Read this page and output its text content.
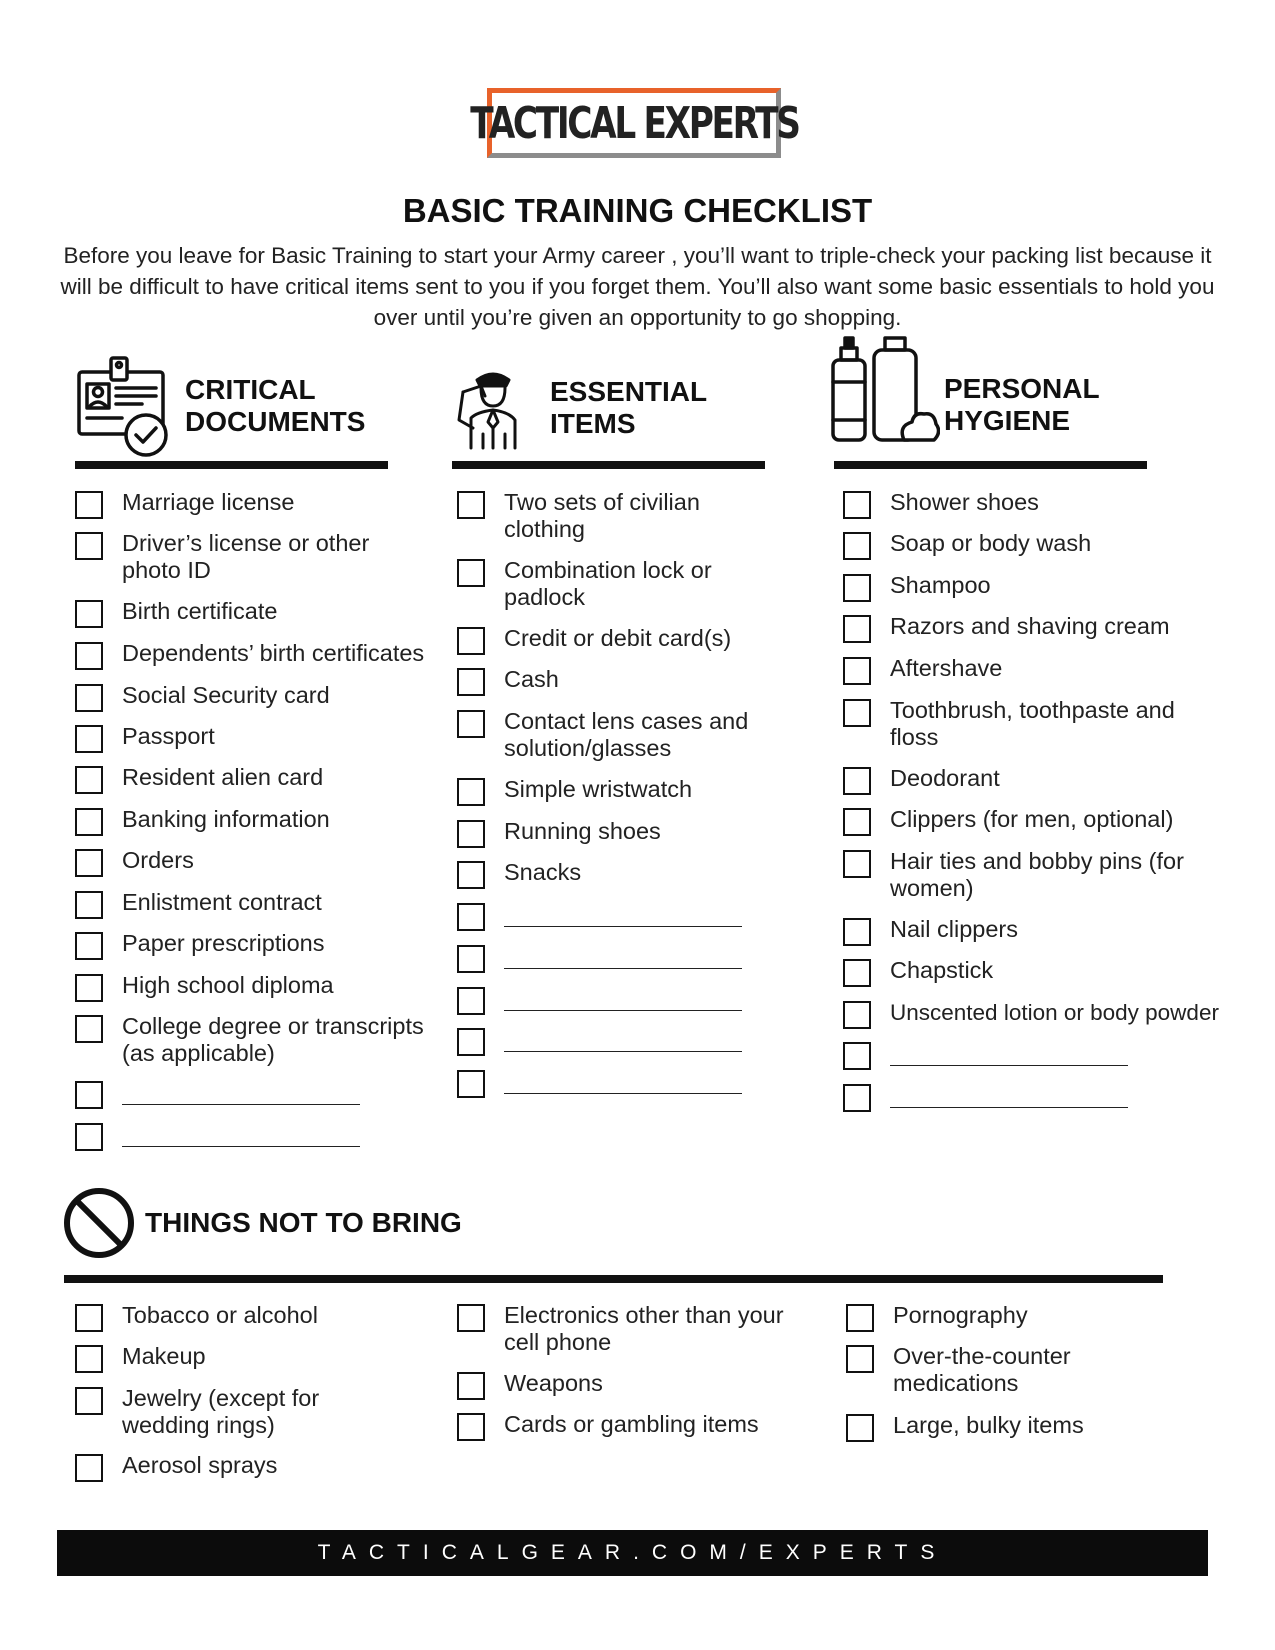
TACTICAL EXPERTS
BASIC TRAINING CHECKLIST
Before you leave for Basic Training to start your Army career , you’ll want to triple-check your packing list because it will be difficult to have critical items sent to you if you forget them. You’ll also want some basic essentials to hold you over until you’re given an opportunity to go shopping.
CRITICAL
DOCUMENTS
ESSENTIAL
ITEMS
PERSONAL
HYGIENE
Marriage license
Driver’s license or other photo ID
Birth certificate
Dependents’ birth certificates
Social Security card
Passport
Resident alien card
Banking information
Orders
Enlistment contract
Paper prescriptions
High school diploma
College degree or transcripts (as applicable)
Two sets of civilian clothing
Combination lock or padlock
Credit or debit card(s)
Cash
Contact lens cases and solution/glasses
Simple wristwatch
Running shoes
Snacks
Shower shoes
Soap or body wash
Shampoo
Razors and shaving cream
Aftershave
Toothbrush, toothpaste and floss
Deodorant
Clippers (for men, optional)
Hair ties and bobby pins (for women)
Nail clippers
Chapstick
Unscented lotion or body powder
THINGS NOT TO BRING
Tobacco or alcohol
Makeup
Jewelry (except for wedding rings)
Aerosol sprays
Electronics other than your cell phone
Weapons
Cards or gambling items
Pornography
Over-the-counter medications
Large, bulky items
TACTICALGEAR.COM/EXPERTS
